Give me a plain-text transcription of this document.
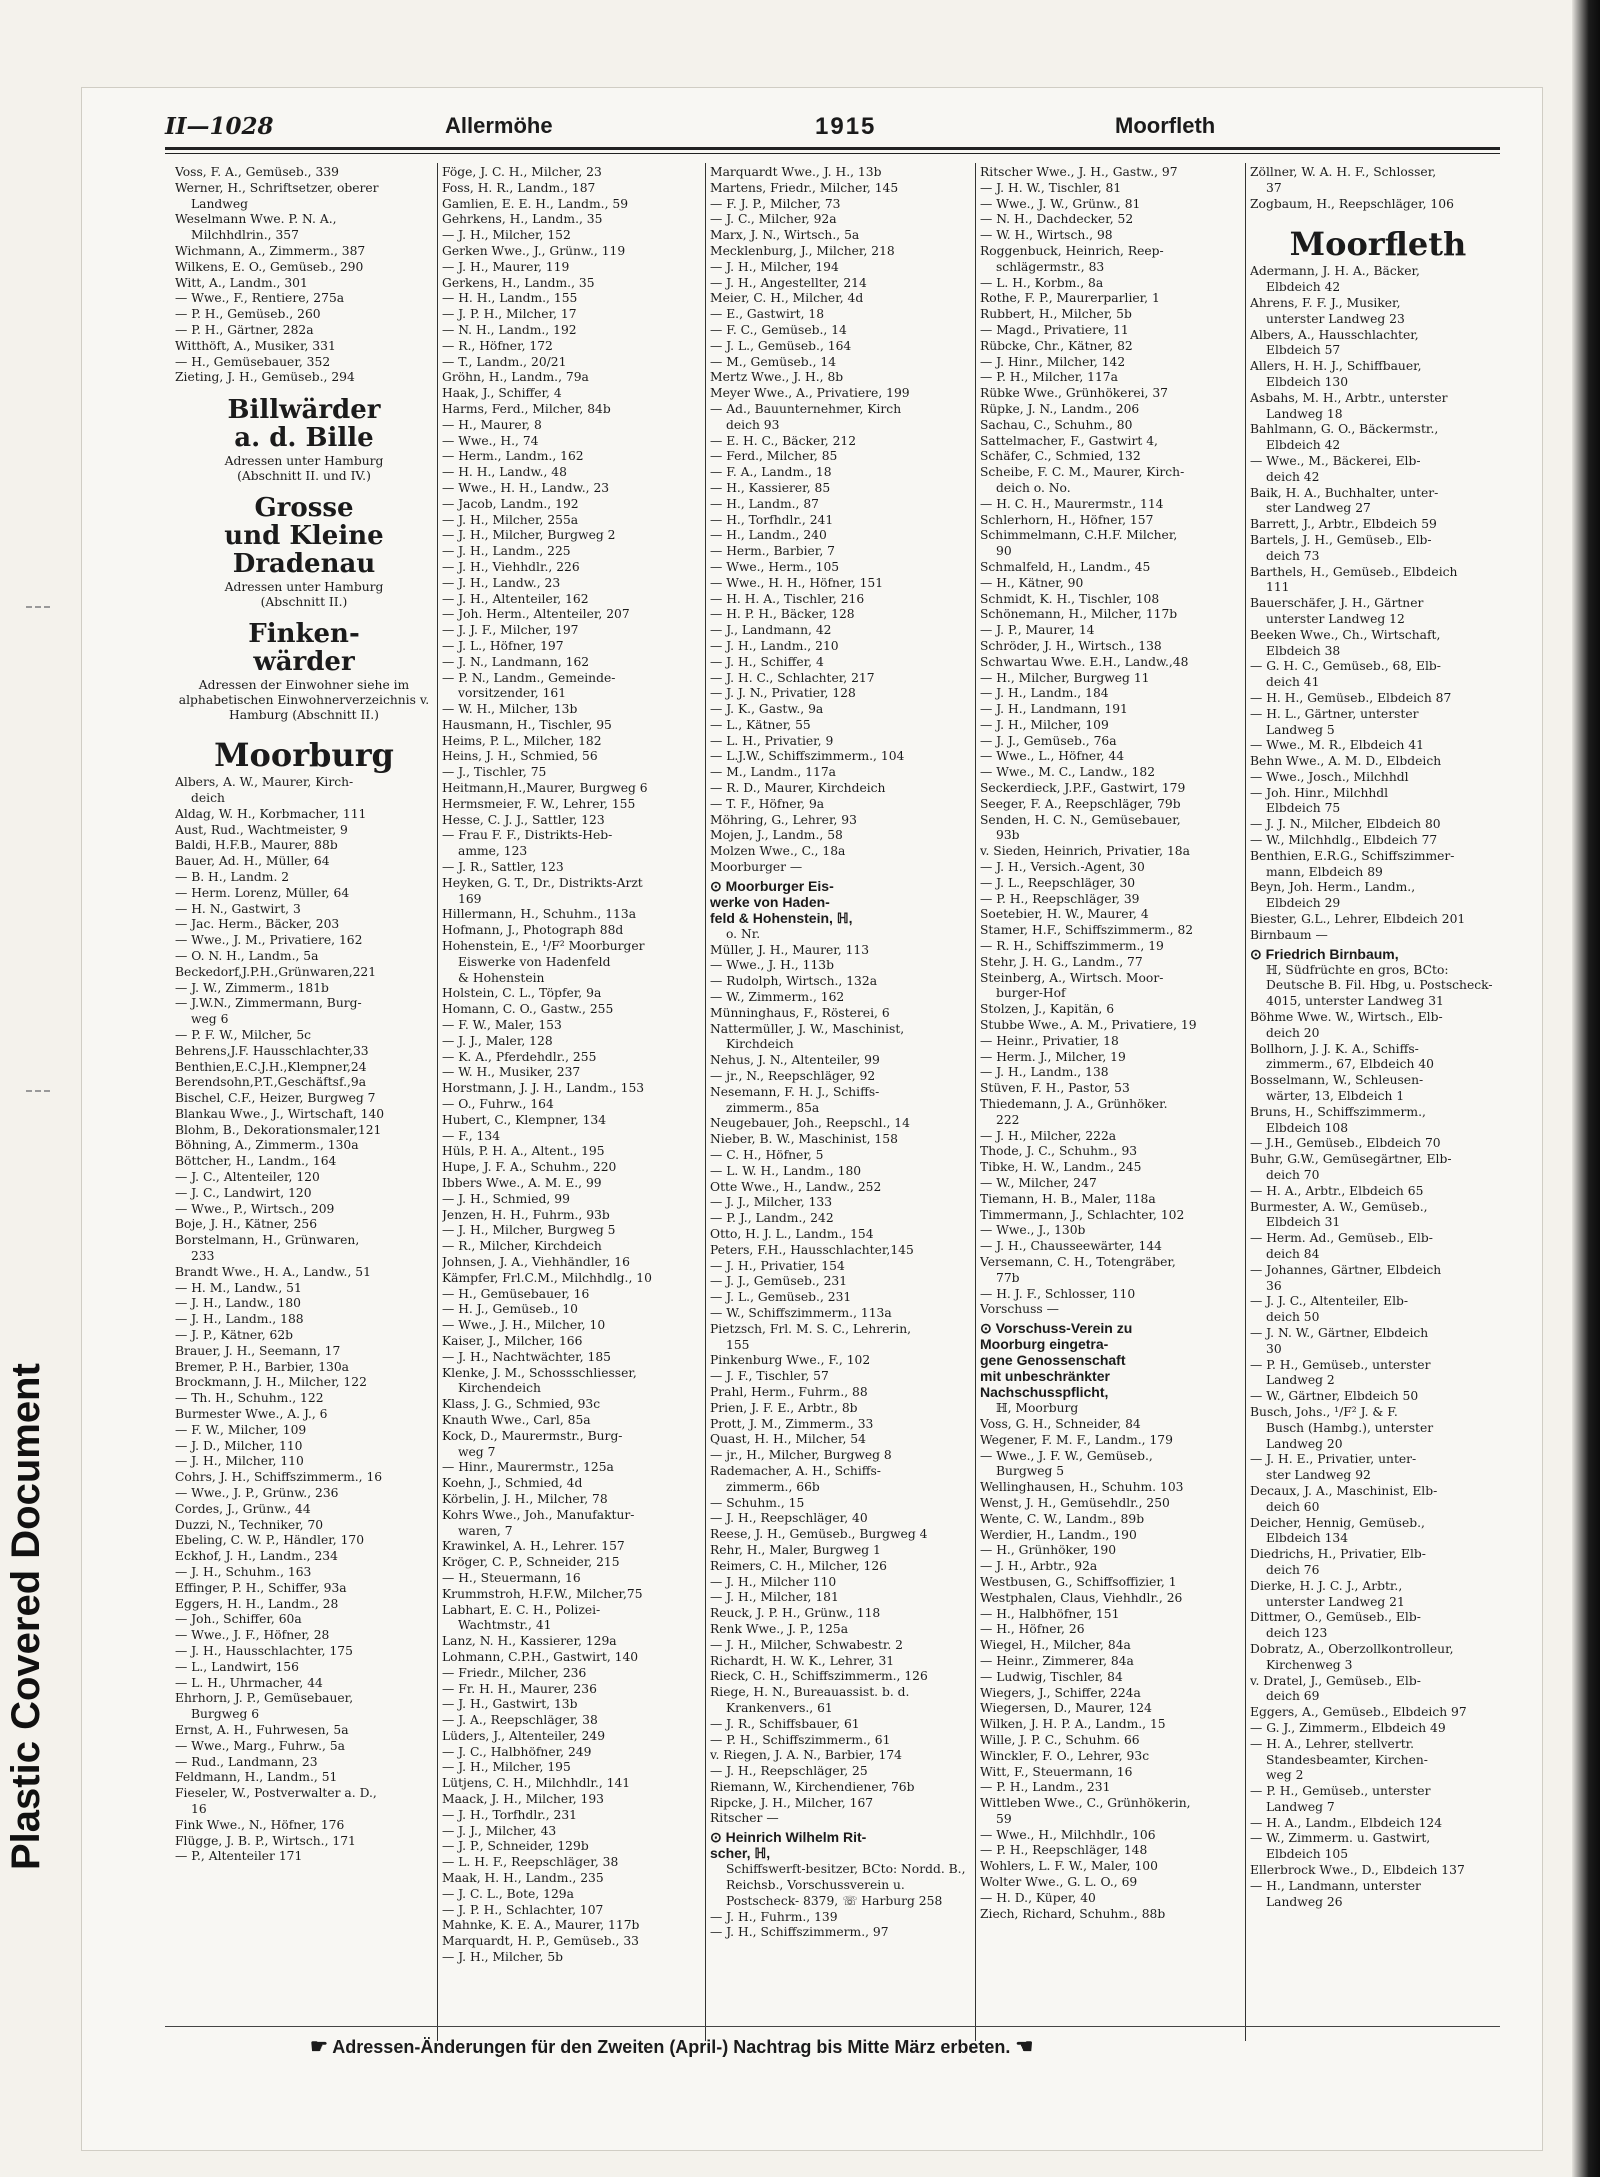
Plastic Covered Document
II—1028	Allermöhe	1915	Moorfleth

Voss, F. A., Gemüseb., 339

Werner, H., Schriftsetzer, oberer

Landweg

Weselmann Wwe. P. N. A.,

Milchhdlrin., 357

Wichmann, A., Zimmerm., 387

Wilkens, E. O., Gemüseb., 290

Witt, A., Landm., 301

— Wwe., F., Rentiere, 275a

— P. H., Gemüseb., 260

— P. H., Gärtner, 282a

Witthöft, A., Musiker, 331

— H., Gemüsebauer, 352

Zieting, J. H., Gemüseb., 294

Billwärder
a. d. Bille
Adressen unter Hamburg
(Abschnitt II. und IV.)
Grosse
und Kleine
Dradenau
Adressen unter Hamburg
(Abschnitt II.)
Finken-
wärder
Adressen der Einwohner siehe im alphabetischen Einwohnerverzeichnis v. Hamburg (Abschnitt II.)
Moorburg

Albers, A. W., Maurer, Kirch-

deich

Aldag, W. H., Korbmacher, 111

Aust, Rud., Wachtmeister, 9

Baldi, H.F.B., Maurer, 88b

Bauer, Ad. H., Müller, 64

— B. H., Landm. 2

— Herm. Lorenz, Müller, 64

— H. N., Gastwirt, 3

— Jac. Herm., Bäcker, 203

— Wwe., J. M., Privatiere, 162

— O. N. H., Landm., 5a

Beckedorf,J.P.H.,Grünwaren,221

— J. W., Zimmerm., 181b

— J.W.N., Zimmermann, Burg-

weg 6

— P. F. W., Milcher, 5c

Behrens,J.F. Hausschlachter,33

Benthien,E.C.J.H.,Klempner,24

Berendsohn,P.T.,Geschäftsf.,9a

Bischel, C.F., Heizer, Burgweg 7

Blankau Wwe., J., Wirtschaft, 140

Blohm, B., Dekorationsmaler,121

Böhning, A., Zimmerm., 130a

Böttcher, H., Landm., 164

— J. C., Altenteiler, 120

— J. C., Landwirt, 120

— Wwe., P., Wirtsch., 209

Boje, J. H., Kätner, 256

Borstelmann, H., Grünwaren,

233

Brandt Wwe., H. A., Landw., 51

— H. M., Landw., 51

— J. H., Landw., 180

— J. H., Landm., 188

— J. P., Kätner, 62b

Brauer, J. H., Seemann, 17

Bremer, P. H., Barbier, 130a

Brockmann, J. H., Milcher, 122

— Th. H., Schuhm., 122

Burmester Wwe., A. J., 6

— F. W., Milcher, 109

— J. D., Milcher, 110

— J. H., Milcher, 110

Cohrs, J. H., Schiffszimmerm., 16

— Wwe., J. P., Grünw., 236

Cordes, J., Grünw., 44

Duzzi, N., Techniker, 70

Ebeling, C. W. P., Händler, 170

Eckhof, J. H., Landm., 234

— J. H., Schuhm., 163

Effinger, P. H., Schiffer, 93a

Eggers, H. H., Landm., 28

— Joh., Schiffer, 60a

— Wwe., J. F., Höfner, 28

— J. H., Hausschlachter, 175

— L., Landwirt, 156

— L. H., Uhrmacher, 44

Ehrhorn, J. P., Gemüsebauer,

Burgweg 6

Ernst, A. H., Fuhrwesen, 5a

— Wwe., Marg., Fuhrw., 5a

— Rud., Landmann, 23

Feldmann, H., Landm., 51

Fieseler, W., Postverwalter a. D.,

16

Fink Wwe., N., Höfner, 176

Flügge, J. B. P., Wirtsch., 171

— P., Altenteiler 171

Föge, J. C. H., Milcher, 23

Foss, H. R., Landm., 187

Gamlien, E. E. H., Landm., 59

Gehrkens, H., Landm., 35

— J. H., Milcher, 152

Gerken Wwe., J., Grünw., 119

— J. H., Maurer, 119

Gerkens, H., Landm., 35

— H. H., Landm., 155

— J. P. H., Milcher, 17

— N. H., Landm., 192

— R., Höfner, 172

— T., Landm., 20/21

Gröhn, H., Landm., 79a

Haak, J., Schiffer, 4

Harms, Ferd., Milcher, 84b

— H., Maurer, 8

— Wwe., H., 74

— Herm., Landm., 162

— H. H., Landw., 48

— Wwe., H. H., Landw., 23

— Jacob, Landm., 192

— J. H., Milcher, 255a

— J. H., Milcher, Burgweg 2

— J. H., Landm., 225

— J. H., Viehhdlr., 226

— J. H., Landw., 23

— J. H., Altenteiler, 162

— Joh. Herm., Altenteiler, 207

— J. J. F., Milcher, 197

— J. L., Höfner, 197

— J. N., Landmann, 162

— P. N., Landm., Gemeinde-

vorsitzender, 161

— W. H., Milcher, 13b

Hausmann, H., Tischler, 95

Heims, P. L., Milcher, 182

Heins, J. H., Schmied, 56

— J., Tischler, 75

Heitmann,H.,Maurer, Burgweg 6

Hermsmeier, F. W., Lehrer, 155

Hesse, C. J. J., Sattler, 123

— Frau F. F., Distrikts-Heb-

amme, 123

— J. R., Sattler, 123

Heyken, G. T., Dr., Distrikts-Arzt

169

Hillermann, H., Schuhm., 113a

Hofmann, J., Photograph 88d

Hohenstein, E., ¹/F² Moorburger

Eiswerke von Hadenfeld

& Hohenstein

Holstein, C. L., Töpfer, 9a

Homann, C. O., Gastw., 255

— F. W., Maler, 153

— J. J., Maler, 128

— K. A., Pferdehdlr., 255

— W. H., Musiker, 237

Horstmann, J. J. H., Landm., 153

— O., Fuhrw., 164

Hubert, C., Klempner, 134

— F., 134

Hüls, P. H. A., Altent., 195

Hupe, J. F. A., Schuhm., 220

Ibbers Wwe., A. M. E., 99

— J. H., Schmied, 99

Jenzen, H. H., Fuhrm., 93b

— J. H., Milcher, Burgweg 5

— R., Milcher, Kirchdeich

Johnsen, J. A., Viehhändler, 16

Kämpfer, Frl.C.M., Milchhdlg., 10

— H., Gemüsebauer, 16

— H. J., Gemüseb., 10

— Wwe., J. H., Milcher, 10

Kaiser, J., Milcher, 166

— J. H., Nachtwächter, 185

Klenke, J. M., Schossschliesser,

Kirchendeich

Klass, J. G., Schmied, 93c

Knauth Wwe., Carl, 85a

Kock, D., Maurermstr., Burg-

weg 7

— Hinr., Maurermstr., 125a

Koehn, J., Schmied, 4d

Körbelin, J. H., Milcher, 78

Kohrs Wwe., Joh., Manufaktur-

waren, 7

Krawinkel, A. H., Lehrer. 157

Kröger, C. P., Schneider, 215

— H., Steuermann, 16

Krummstroh, H.F.W., Milcher,75

Labhart, E. C. H., Polizei-

Wachtmstr., 41

Lanz, N. H., Kassierer, 129a

Lohmann, C.P.H., Gastwirt, 140

— Friedr., Milcher, 236

— Fr. H. H., Maurer, 236

— J. H., Gastwirt, 13b

— J. A., Reepschläger, 38

Lüders, J., Altenteiler, 249

— J. C., Halbhöfner, 249

— J. H., Milcher, 195

Lütjens, C. H., Milchhdlr., 141

Maack, J. H., Milcher, 193

— J. H., Torfhdlr., 231

— J. J., Milcher, 43

— J. P., Schneider, 129b

— L. H. F., Reepschläger, 38

Maak, H. H., Landm., 235

— J. C. L., Bote, 129a

— J. P. H., Schlachter, 107

Mahnke, K. E. A., Maurer, 117b

Marquardt, H. P., Gemüseb., 33

— J. H., Milcher, 5b

Marquardt Wwe., J. H., 13b

Martens, Friedr., Milcher, 145

— F. J. P., Milcher, 73

— J. C., Milcher, 92a

Marx, J. N., Wirtsch., 5a

Mecklenburg, J., Milcher, 218

— J. H., Milcher, 194

— J. H., Angestellter, 214

Meier, C. H., Milcher, 4d

— E., Gastwirt, 18

— F. C., Gemüseb., 14

— J. L., Gemüseb., 164

— M., Gemüseb., 14

Mertz Wwe., J. H., 8b

Meyer Wwe., A., Privatiere, 199

— Ad., Bauunternehmer, Kirch

deich 93

— E. H. C., Bäcker, 212

— Ferd., Milcher, 85

— F. A., Landm., 18

— H., Kassierer, 85

— H., Landm., 87

— H., Torfhdlr., 241

— H., Landm., 240

— Herm., Barbier, 7

— Wwe., Herm., 105

— Wwe., H. H., Höfner, 151

— H. H. A., Tischler, 216

— H. P. H., Bäcker, 128

— J., Landmann, 42

— J. H., Landm., 210

— J. H., Schiffer, 4

— J. H. C., Schlachter, 217

— J. J. N., Privatier, 128

— J. K., Gastw., 9a

— L., Kätner, 55

— L. H., Privatier, 9

— L.J.W., Schiffszimmerm., 104

— M., Landm., 117a

— R. D., Maurer, Kirchdeich

— T. F., Höfner, 9a

Möhring, G., Lehrer, 93

Mojen, J., Landm., 58

Molzen Wwe., C., 18a

Moorburger —

⊙ Moorburger Eis-
werke von Haden-
feld & Hohenstein, ℍ,

o. Nr.

Müller, J. H., Maurer, 113

— Wwe., J. H., 113b

— Rudolph, Wirtsch., 132a

— W., Zimmerm., 162

Münninghaus, F., Rösterei, 6

Nattermüller, J. W., Maschinist,

Kirchdeich

Nehus, J. N., Altenteiler, 99

— jr., N., Reepschläger, 92

Nesemann, F. H. J., Schiffs-

zimmerm., 85a

Neugebauer, Joh., Reepschl., 14

Nieber, B. W., Maschinist, 158

— C. H., Höfner, 5

— L. W. H., Landm., 180

Otte Wwe., H., Landw., 252

— J. J., Milcher, 133

— P. J., Landm., 242

Otto, H. J. L., Landm., 154

Peters, F.H., Hausschlachter,145

— J. H., Privatier, 154

— J. J., Gemüseb., 231

— J. L., Gemüseb., 231

— W., Schiffszimmerm., 113a

Pietzsch, Frl. M. S. C., Lehrerin,

155

Pinkenburg Wwe., F., 102

— J. F., Tischler, 57

Prahl, Herm., Fuhrm., 88

Prien, J. F. E., Arbtr., 8b

Prott, J. M., Zimmerm., 33

Quast, H. H., Milcher, 54

— jr., H., Milcher, Burgweg 8

Rademacher, A. H., Schiffs-

zimmerm., 66b

— Schuhm., 15

— J. H., Reepschläger, 40

Reese, J. H., Gemüseb., Burgweg 4

Rehr, H., Maler, Burgweg 1

Reimers, C. H., Milcher, 126

— J. H., Milcher 110

— J. H., Milcher, 181

Reuck, J. P. H., Grünw., 118

Renk Wwe., J. P., 125a

— J. H., Milcher, Schwabestr. 2

Richardt, H. W. K., Lehrer, 31

Rieck, C. H., Schiffszimmerm., 126

Riege, H. N., Bureauassist. b. d.

Krankenvers., 61

— J. R., Schiffsbauer, 61

— P. H., Schiffszimmerm., 61

v. Riegen, J. A. N., Barbier, 174

— J. H., Reepschläger, 25

Riemann, W., Kirchendiener, 76b

Ripcke, J. H., Milcher, 167

Ritscher —

⊙ Heinrich Wilhelm Rit-
scher, ℍ,

Schiffswerft-besitzer, BCto: Nordd. B., Reichsb., Vorschussverein u. Postscheck- 8379, ☏ Harburg 258

— J. H., Fuhrm., 139

— J. H., Schiffszimmerm., 97

Ritscher Wwe., J. H., Gastw., 97

— J. H. W., Tischler, 81

— Wwe., J. W., Grünw., 81

— N. H., Dachdecker, 52

— W. H., Wirtsch., 98

Roggenbuck, Heinrich, Reep-

schlägermstr., 83

— L. H., Korbm., 8a

Rothe, F. P., Maurerparlier, 1

Rubbert, H., Milcher, 5b

— Magd., Privatiere, 11

Rübcke, Chr., Kätner, 82

— J. Hinr., Milcher, 142

— P. H., Milcher, 117a

Rübke Wwe., Grünhökerei, 37

Rüpke, J. N., Landm., 206

Sachau, C., Schuhm., 80

Sattelmacher, F., Gastwirt 4,

Schäfer, C., Schmied, 132

Scheibe, F. C. M., Maurer, Kirch-

deich o. No.

— H. C. H., Maurermstr., 114

Schlerhorn, H., Höfner, 157

Schimmelmann, C.H.F. Milcher,

90

Schmalfeld, H., Landm., 45

— H., Kätner, 90

Schmidt, K. H., Tischler, 108

Schönemann, H., Milcher, 117b

— J. P., Maurer, 14

Schröder, J. H., Wirtsch., 138

Schwartau Wwe. E.H., Landw.,48

— H., Milcher, Burgweg 11

— J. H., Landm., 184

— J. H., Landmann, 191

— J. H., Milcher, 109

— J. J., Gemüseb., 76a

— Wwe., L., Höfner, 44

— Wwe., M. C., Landw., 182

Seckerdieck, J.P.F., Gastwirt, 179

Seeger, F. A., Reepschläger, 79b

Senden, H. C. N., Gemüsebauer,

93b

v. Sieden, Heinrich, Privatier, 18a

— J. H., Versich.-Agent, 30

— J. L., Reepschläger, 30

— P. H., Reepschläger, 39

Soetebier, H. W., Maurer, 4

Stamer, H.F., Schiffszimmerm., 82

— R. H., Schiffszimmerm., 19

Stehr, J. H. G., Landm., 77

Steinberg, A., Wirtsch. Moor-

burger-Hof

Stolzen, J., Kapitän, 6

Stubbe Wwe., A. M., Privatiere, 19

— Heinr., Privatier, 18

— Herm. J., Milcher, 19

— J. H., Landm., 138

Stüven, F. H., Pastor, 53

Thiedemann, J. A., Grünhöker.

222

— J. H., Milcher, 222a

Thode, J. C., Schuhm., 93

Tibke, H. W., Landm., 245

— W., Milcher, 247

Tiemann, H. B., Maler, 118a

Timmermann, J., Schlachter, 102

— Wwe., J., 130b

— J. H., Chausseewärter, 144

Versemann, C. H., Totengräber,

77b

— H. J. F., Schlosser, 110

Vorschuss —

⊙ Vorschuss-Verein zu
Moorburg eingetra-
gene Genossenschaft
mit unbeschränkter
Nachschusspflicht,

ℍ, Moorburg

Voss, G. H., Schneider, 84

Wegener, F. M. F., Landm., 179

— Wwe., J. F. W., Gemüseb.,

Burgweg 5

Wellinghausen, H., Schuhm. 103

Wenst, J. H., Gemüsehdlr., 250

Wente, C. W., Landm., 89b

Werdier, H., Landm., 190

— H., Grünhöker, 190

— J. H., Arbtr., 92a

Westbusen, G., Schiffsoffizier, 1

Westphalen, Claus, Viehhdlr., 26

— H., Halbhöfner, 151

— H., Höfner, 26

Wiegel, H., Milcher, 84a

— Heinr., Zimmerer, 84a

— Ludwig, Tischler, 84

Wiegers, J., Schiffer, 224a

Wiegersen, D., Maurer, 124

Wilken, J. H. P. A., Landm., 15

Wille, J. P. C., Schuhm. 66

Winckler, F. O., Lehrer, 93c

Witt, F., Steuermann, 16

— P. H., Landm., 231

Wittleben Wwe., C., Grünhökerin,

59

— Wwe., H., Milchhdlr., 106

— P. H., Reepschläger, 148

Wohlers, L. F. W., Maler, 100

Wolter Wwe., G. L. O., 69

— H. D., Küper, 40

Ziech, Richard, Schuhm., 88b

Zöllner, W. A. H. F., Schlosser,

37

Zogbaum, H., Reepschläger, 106

Moorfleth

Adermann, J. H. A., Bäcker,

Elbdeich 42

Ahrens, F. F. J., Musiker,

unterster Landweg 23

Albers, A., Hausschlachter,

Elbdeich 57

Allers, H. H. J., Schiffbauer,

Elbdeich 130

Asbahs, M. H., Arbtr., unterster

Landweg 18

Bahlmann, G. O., Bäckermstr.,

Elbdeich 42

— Wwe., M., Bäckerei, Elb-

deich 42

Baik, H. A., Buchhalter, unter-

ster Landweg 27

Barrett, J., Arbtr., Elbdeich 59

Bartels, J. H., Gemüseb., Elb-

deich 73

Barthels, H., Gemüseb., Elbdeich

111

Bauerschäfer, J. H., Gärtner

unterster Landweg 12

Beeken Wwe., Ch., Wirtschaft,

Elbdeich 38

— G. H. C., Gemüseb., 68, Elb-

deich 41

— H. H., Gemüseb., Elbdeich 87

— H. L., Gärtner, unterster

Landweg 5

— Wwe., M. R., Elbdeich 41

Behn Wwe., A. M. D., Elbdeich

— Wwe., Josch., Milchhdl

— Joh. Hinr., Milchhdl

Elbdeich 75

— J. J. N., Milcher, Elbdeich 80

— W., Milchhdlg., Elbdeich 77

Benthien, E.R.G., Schiffszimmer-

mann, Elbdeich 89

Beyn, Joh. Herm., Landm.,

Elbdeich 29

Biester, G.L., Lehrer, Elbdeich 201

Birnbaum —

⊙ Friedrich Birnbaum,

ℍ, Südfrüchte en gros, BCto: Deutsche B. Fil. Hbg, u. Postscheck- 4015, unterster Landweg 31

Böhme Wwe. W., Wirtsch., Elb-

deich 20

Bollhorn, J. J. K. A., Schiffs-

zimmerm., 67, Elbdeich 40

Bosselmann, W., Schleusen-

wärter, 13, Elbdeich 1

Bruns, H., Schiffszimmerm.,

Elbdeich 108

— J.H., Gemüseb., Elbdeich 70

Buhr, G.W., Gemüsegärtner, Elb-

deich 70

— H. A., Arbtr., Elbdeich 65

Burmester, A. W., Gemüseb.,

Elbdeich 31

— Herm. Ad., Gemüseb., Elb-

deich 84

— Johannes, Gärtner, Elbdeich

36

— J. J. C., Altenteiler, Elb-

deich 50

— J. N. W., Gärtner, Elbdeich

30

— P. H., Gemüseb., unterster

Landweg 2

— W., Gärtner, Elbdeich 50

Busch, Johs., ¹/F² J. & F.

Busch (Hambg.), unterster

Landweg 20

— J. H. E., Privatier, unter-

ster Landweg 92

Decaux, J. A., Maschinist, Elb-

deich 60

Deicher, Hennig, Gemüseb.,

Elbdeich 134

Diedrichs, H., Privatier, Elb-

deich 76

Dierke, H. J. C. J., Arbtr.,

unterster Landweg 21

Dittmer, O., Gemüseb., Elb-

deich 123

Dobratz, A., Oberzollkontrolleur,

Kirchenweg 3

v. Dratel, J., Gemüseb., Elb-

deich 69

Eggers, A., Gemüseb., Elbdeich 97

— G. J., Zimmerm., Elbdeich 49

— H. A., Lehrer, stellvertr.

Standesbeamter, Kirchen-

weg 2

— P. H., Gemüseb., unterster

Landweg 7

— H. A., Landm., Elbdeich 124

— W., Zimmerm. u. Gastwirt,

Elbdeich 105

Ellerbrock Wwe., D., Elbdeich 137

— H., Landmann, unterster

Landweg 26

☛ Adressen-Änderungen für den Zweiten (April-) Nachtrag bis Mitte März erbeten. ☚
